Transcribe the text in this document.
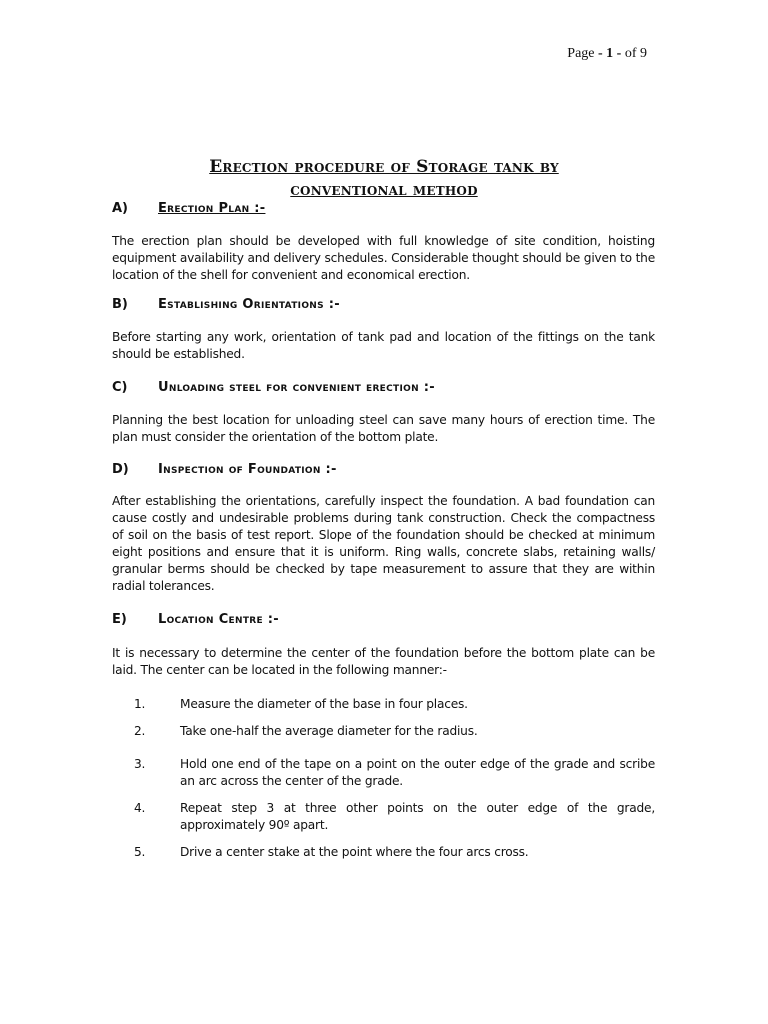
Page - 1 - of 9
Erection procedure of Storage tank by
conventional method
A) Erection Plan :-
The erection plan should be developed with full knowledge of site condition, hoisting equipment availability and delivery schedules. Considerable thought should be given to the location of the shell for convenient and economical erection.
B) Establishing Orientations :-
Before starting any work, orientation of tank pad and location of the fittings on the tank should be established.
C) Unloading steel for convenient erection :-
Planning the best location for unloading steel can save many hours of erection time. The plan must consider the orientation of the bottom plate.
D) Inspection of Foundation :-
After establishing the orientations, carefully inspect the foundation. A bad foundation can cause costly and undesirable problems during tank construction. Check the compactness of soil on the basis of test report. Slope of the foundation should be checked at minimum eight positions and ensure that it is uniform. Ring walls, concrete slabs, retaining walls/ granular berms should be checked by tape measurement to assure that they are within radial tolerances.
E) Location Centre :-
It is necessary to determine the center of the foundation before the bottom plate can be laid. The center can be located in the following manner:-
1.	Measure the diameter of the base in four places.
2.	Take one-half the average diameter for the radius.
3.	Hold one end of the tape on a point on the outer edge of the grade and scribe an arc across the center of the grade.
4.	Repeat step 3 at three other points on the outer edge of the grade, approximately 90º apart.
5.	Drive a center stake at the point where the four arcs cross.
